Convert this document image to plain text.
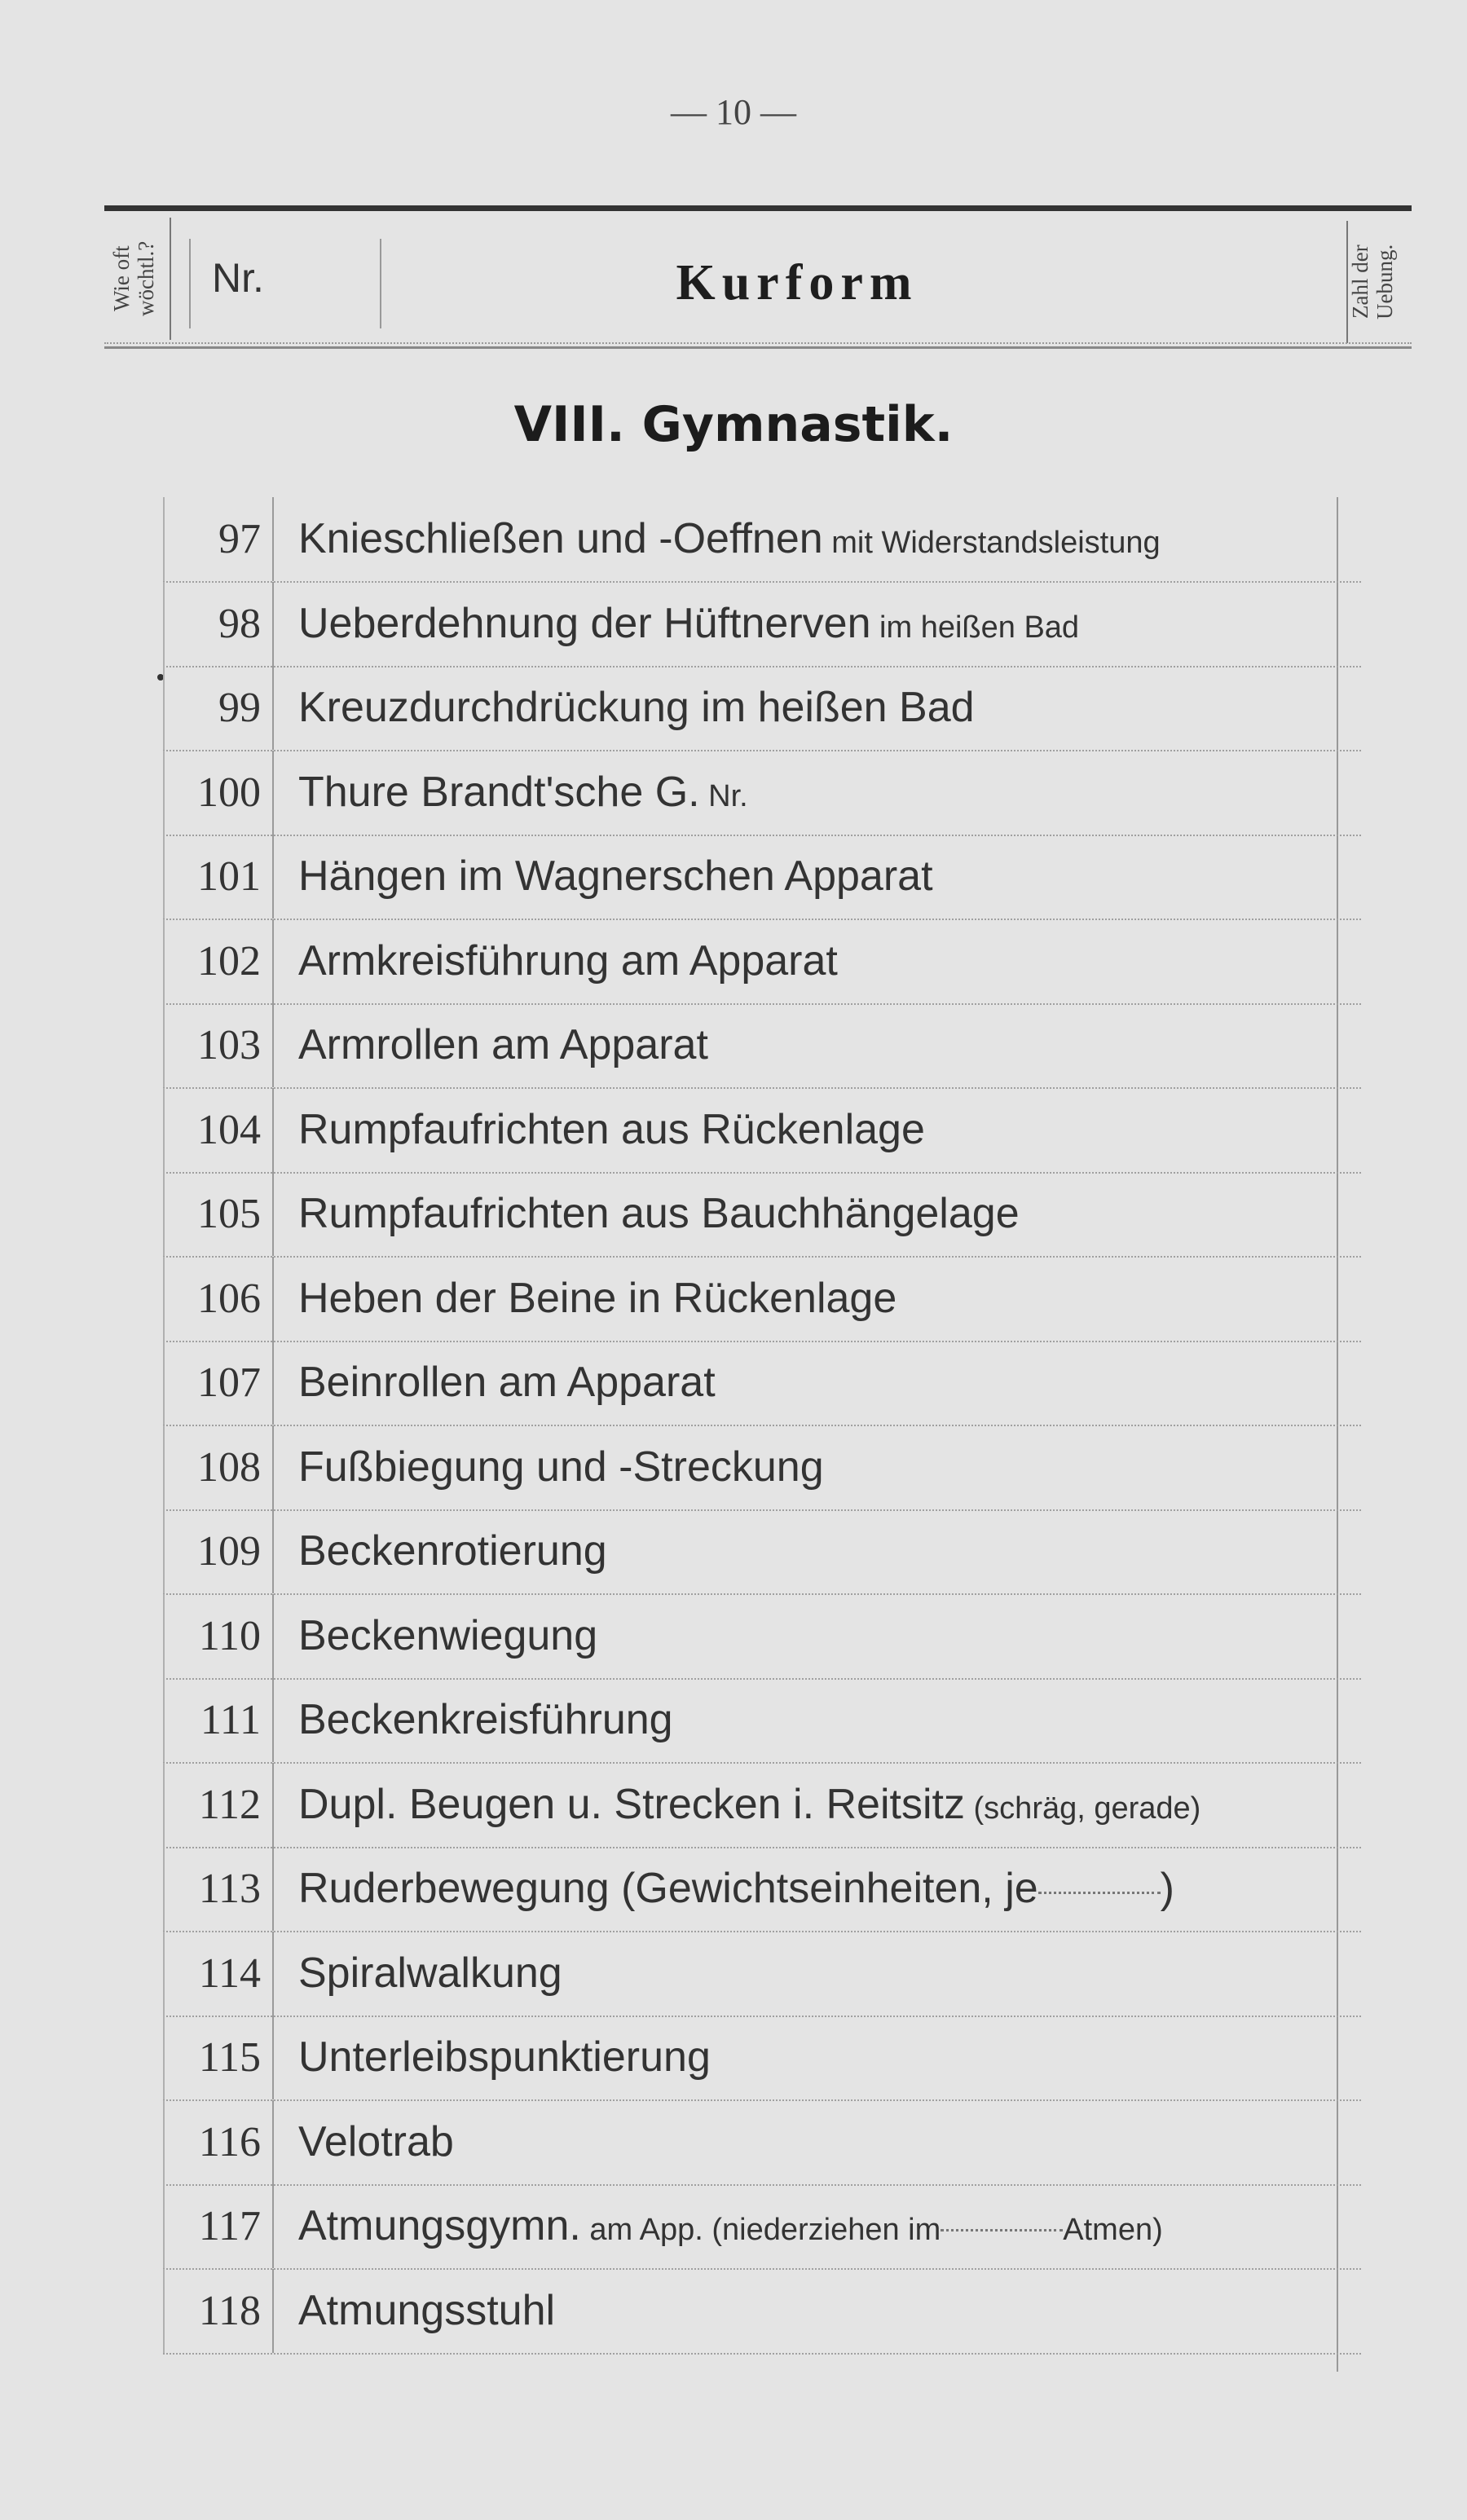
— 10 —
Wie oft wöchtl.?	Nr.	Kurform	Zahl der Uebung.
VIII. Gymnastik.
97 Knieschließen und -Oeffnen mit Widerstandsleistung
98 Ueberdehnung der Hüftnerven im heißen Bad
99 Kreuzdurchdrückung im heißen Bad
100 Thure Brandt'sche G. Nr.
101 Hängen im Wagnerschen Apparat
102 Armkreisführung am Apparat
103 Armrollen am Apparat
104 Rumpfaufrichten aus Rückenlage
105 Rumpfaufrichten aus Bauchhängelage
106 Heben der Beine in Rückenlage
107 Beinrollen am Apparat
108 Fußbiegung und -Streckung
109 Beckenrotierung
110 Beckenwiegung
111 Beckenkreisführung
112 Dupl. Beugen u. Strecken i. Reitsitz (schräg, gerade)
113 Ruderbewegung (Gewichtseinheiten, je	)
114 Spiralwalkung
115 Unterleibspunktierung
116 Velotrab
117 Atmungsgymn. am App. (niederziehen im	Atmen)
118 Atmungsstuhl
